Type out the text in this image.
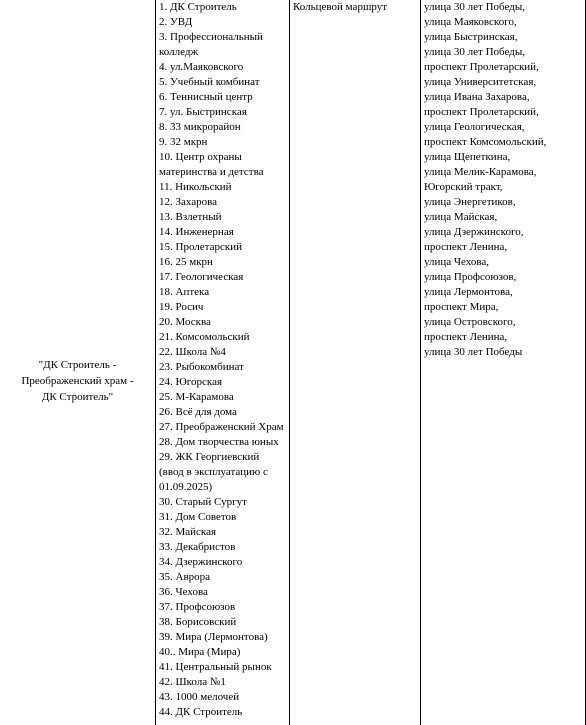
"ДК Строитель -
Преображенский храм -
ДК Строитель"
1. ДК Строитель
2. УВД
3. Профессиональный
колледж
4. ул.Маяковского
5. Учебный комбинат
6. Теннисный центр
7. ул. Быстринская
8. 33 микрорайон
9. 32 мкрн
10. Центр охраны
материнства и детства
11. Никольский
12. Захарова
13. Взлетный
14. Инженерная
15. Пролетарский
16. 25 мкрн
17. Геологическая
18. Аптека
19. Росич
20. Москва
21. Комсомольский
22. Школа №4
23. Рыбокомбинат
24. Югорская
25. М-Карамова
26. Всё для дома
27. Преображенский Храм
28. Дом творчества юных
29. ЖК Георгиевский
(ввод в эксплуатацию с
01.09.2025)
30. Старый Сургут
31. Дом Советов
32. Майская
33. Декабристов
34. Дзержинского
35. Аврора
36. Чехова
37. Профсоюзов
38. Борисовский
39. Мира (Лермонтова)
40.. Мира (Мира)
41. Центральный рынок
42. Школа №1
43. 1000 мелочей
44. ДК Строитель
Кольцевой маршрут	улица 30 лет Победы,
улица Маяковского,
улица Быстринская,
улица 30 лет Победы,
проспект Пролетарский,
улица Университетская,
улица Ивана Захарова,
проспект Пролетарский,
улица Геологическая,
проспект Комсомольский,
улица Щепеткина,
улица Мелик-Карамова,
Югорский тракт,
улица Энергетиков,
улица Майская,
улица Дзержинского,
проспект Ленина,
улица Чехова,
улица Профсоюзов,
улица Лермонтова,
проспект Мира,
улица Островского,
проспект Ленина,
улица 30 лет Победы
